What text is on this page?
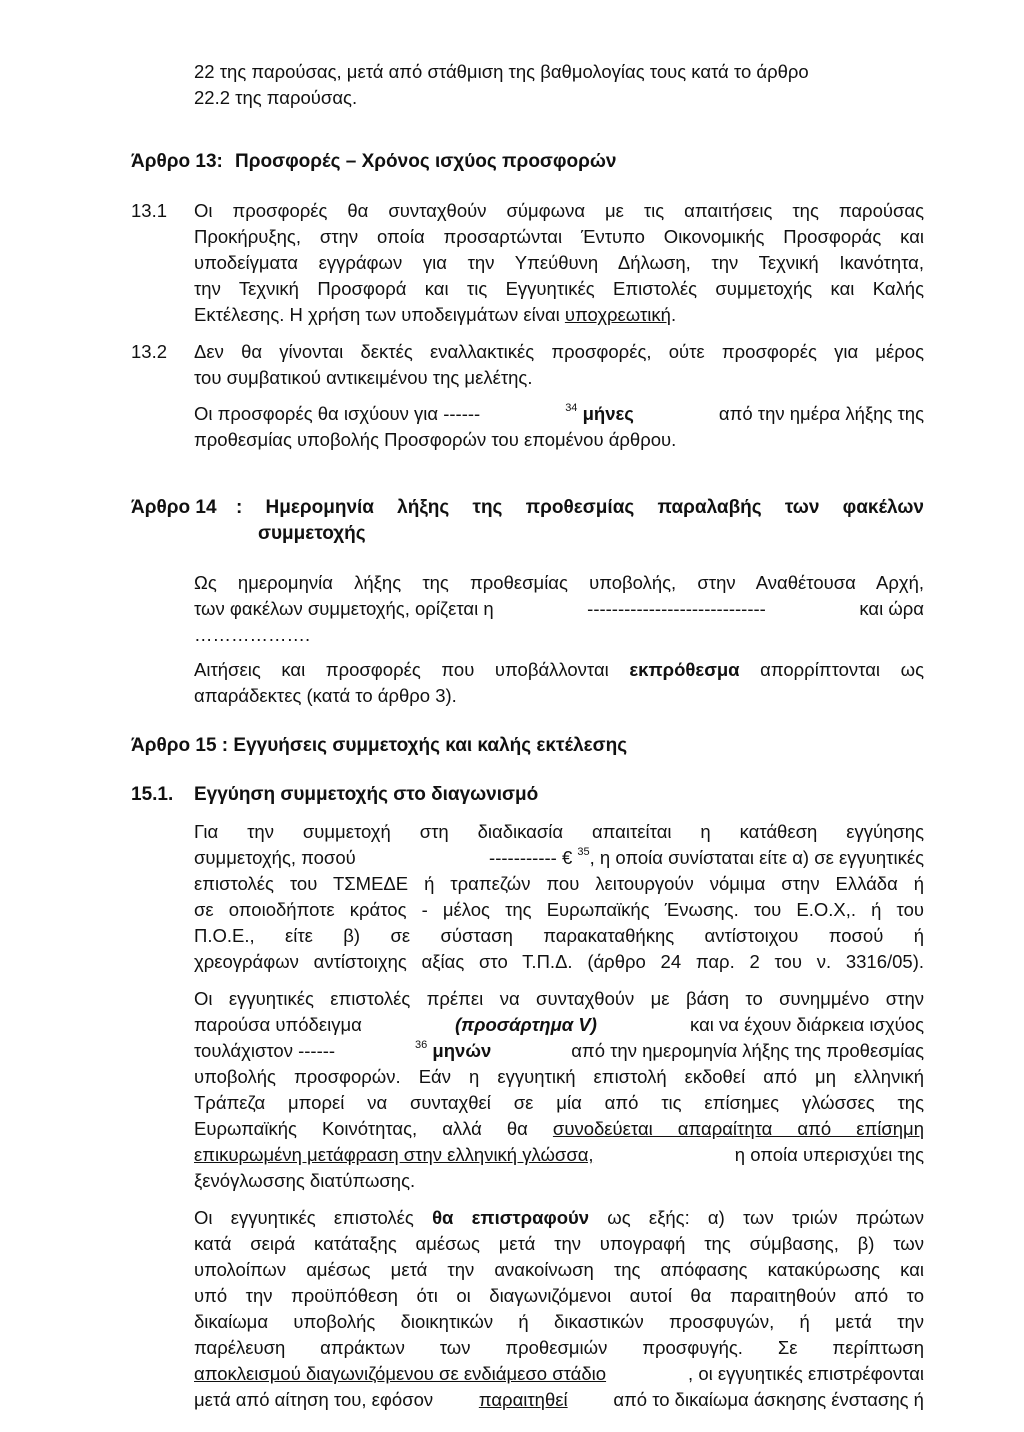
22 της παρούσας, μετά από στάθμιση της βαθμολογίας τους κατά το άρθρο
22.2 της παρούσας.
Άρθρο 13: Προσφορές – Χρόνος ισχύος προσφορών
13.1 Οι προσφορές θα συνταχθούν σύμφωνα με τις απαιτήσεις της παρούσας
Προκήρυξης, στην οποία προσαρτώνται Έντυπο Οικονομικής Προσφοράς και
υποδείγματα εγγράφων για την Υπεύθυνη Δήλωση, την Τεχνική Ικανότητα,
την Τεχνική Προσφορά και τις Εγγυητικές Επιστολές συμμετοχής και Καλής
Εκτέλεσης. Η χρήση των υποδειγμάτων είναι υποχρεωτική.
13.2 Δεν θα γίνονται δεκτές εναλλακτικές προσφορές, ούτε προσφορές για μέρος
του συμβατικού αντικειμένου της μελέτης.
Οι προσφορές θα ισχύουν για ------	$^{34}$ μήνες	από την ημέρα λήξης της
προθεσμίας υποβολής Προσφορών του επομένου άρθρου.
Άρθρο 14 : Ημερομηνία λήξης της προθεσμίας παραλαβής των φακέλων
συμμετοχής
Ως ημερομηνία λήξης της προθεσμίας υποβολής, στην Αναθέτουσα Αρχή,
των φακέλων συμμετοχής, ορίζεται η	-----------------------------	και ώρα
……………….
Αιτήσεις και προσφορές που υποβάλλονται εκπρόθεσμα απορρίπτονται ως
απαράδεκτες (κατά το άρθρο 3).
Άρθρο 15 : Εγγυήσεις συμμετοχής και καλής εκτέλεσης
15.1. Εγγύηση συμμετοχής στο διαγωνισμό
Για την συμμετοχή στη διαδικασία απαιτείται η κατάθεση εγγύησης
συμμετοχής, ποσού	----------- € $^{35}$, η οποία συνίσταται είτε α) σε εγγυητικές
επιστολές του ΤΣΜΕΔΕ ή τραπεζών που λειτουργούν νόμιμα στην Ελλάδα ή
σε οποιοδήποτε κράτος - μέλος της Ευρωπαϊκής Ένωσης. του Ε.Ο.Χ,. ή του
Π.Ο.Ε., είτε β) σε σύσταση παρακαταθήκης αντίστοιχου ποσού ή
χρεογράφων αντίστοιχης αξίας στο Τ.Π.Δ. (άρθρο 24 παρ. 2 του ν. 3316/05).
Οι εγγυητικές επιστολές πρέπει να συνταχθούν με βάση το συνημμένο στην
παρούσα υπόδειγμα	(προσάρτημα V)	και να έχουν διάρκεια ισχύος
τουλάχιστον ------	$^{36}$ μηνών	από την ημερομηνία λήξης της προθεσμίας
υποβολής προσφορών. Εάν η εγγυητική επιστολή εκδοθεί από μη ελληνική
Τράπεζα μπορεί να συνταχθεί σε μία από τις επίσημες γλώσσες της
Ευρωπαϊκής Κοινότητας, αλλά θα συνοδεύεται απαραίτητα από επίσημη
επικυρωμένη μετάφραση στην ελληνική γλώσσα,	η οποία υπερισχύει της
ξενόγλωσσης διατύπωσης.
Οι εγγυητικές επιστολές θα επιστραφούν ως εξής: α) των τριών πρώτων
κατά σειρά κατάταξης αμέσως μετά την υπογραφή της σύμβασης, β) των
υπολοίπων αμέσως μετά την ανακοίνωση της απόφασης κατακύρωσης και
υπό την προϋπόθεση ότι οι διαγωνιζόμενοι αυτοί θα παραιτηθούν από το
δικαίωμα υποβολής διοικητικών ή δικαστικών προσφυγών, ή μετά την
παρέλευση απράκτων των προθεσμιών προσφυγής. Σε περίπτωση
αποκλεισμού διαγωνιζόμενου σε ενδιάμεσο στάδιο	, οι εγγυητικές επιστρέφονται
μετά από αίτηση του, εφόσον παραιτηθεί από το δικαίωμα άσκησης ένστασης ή
